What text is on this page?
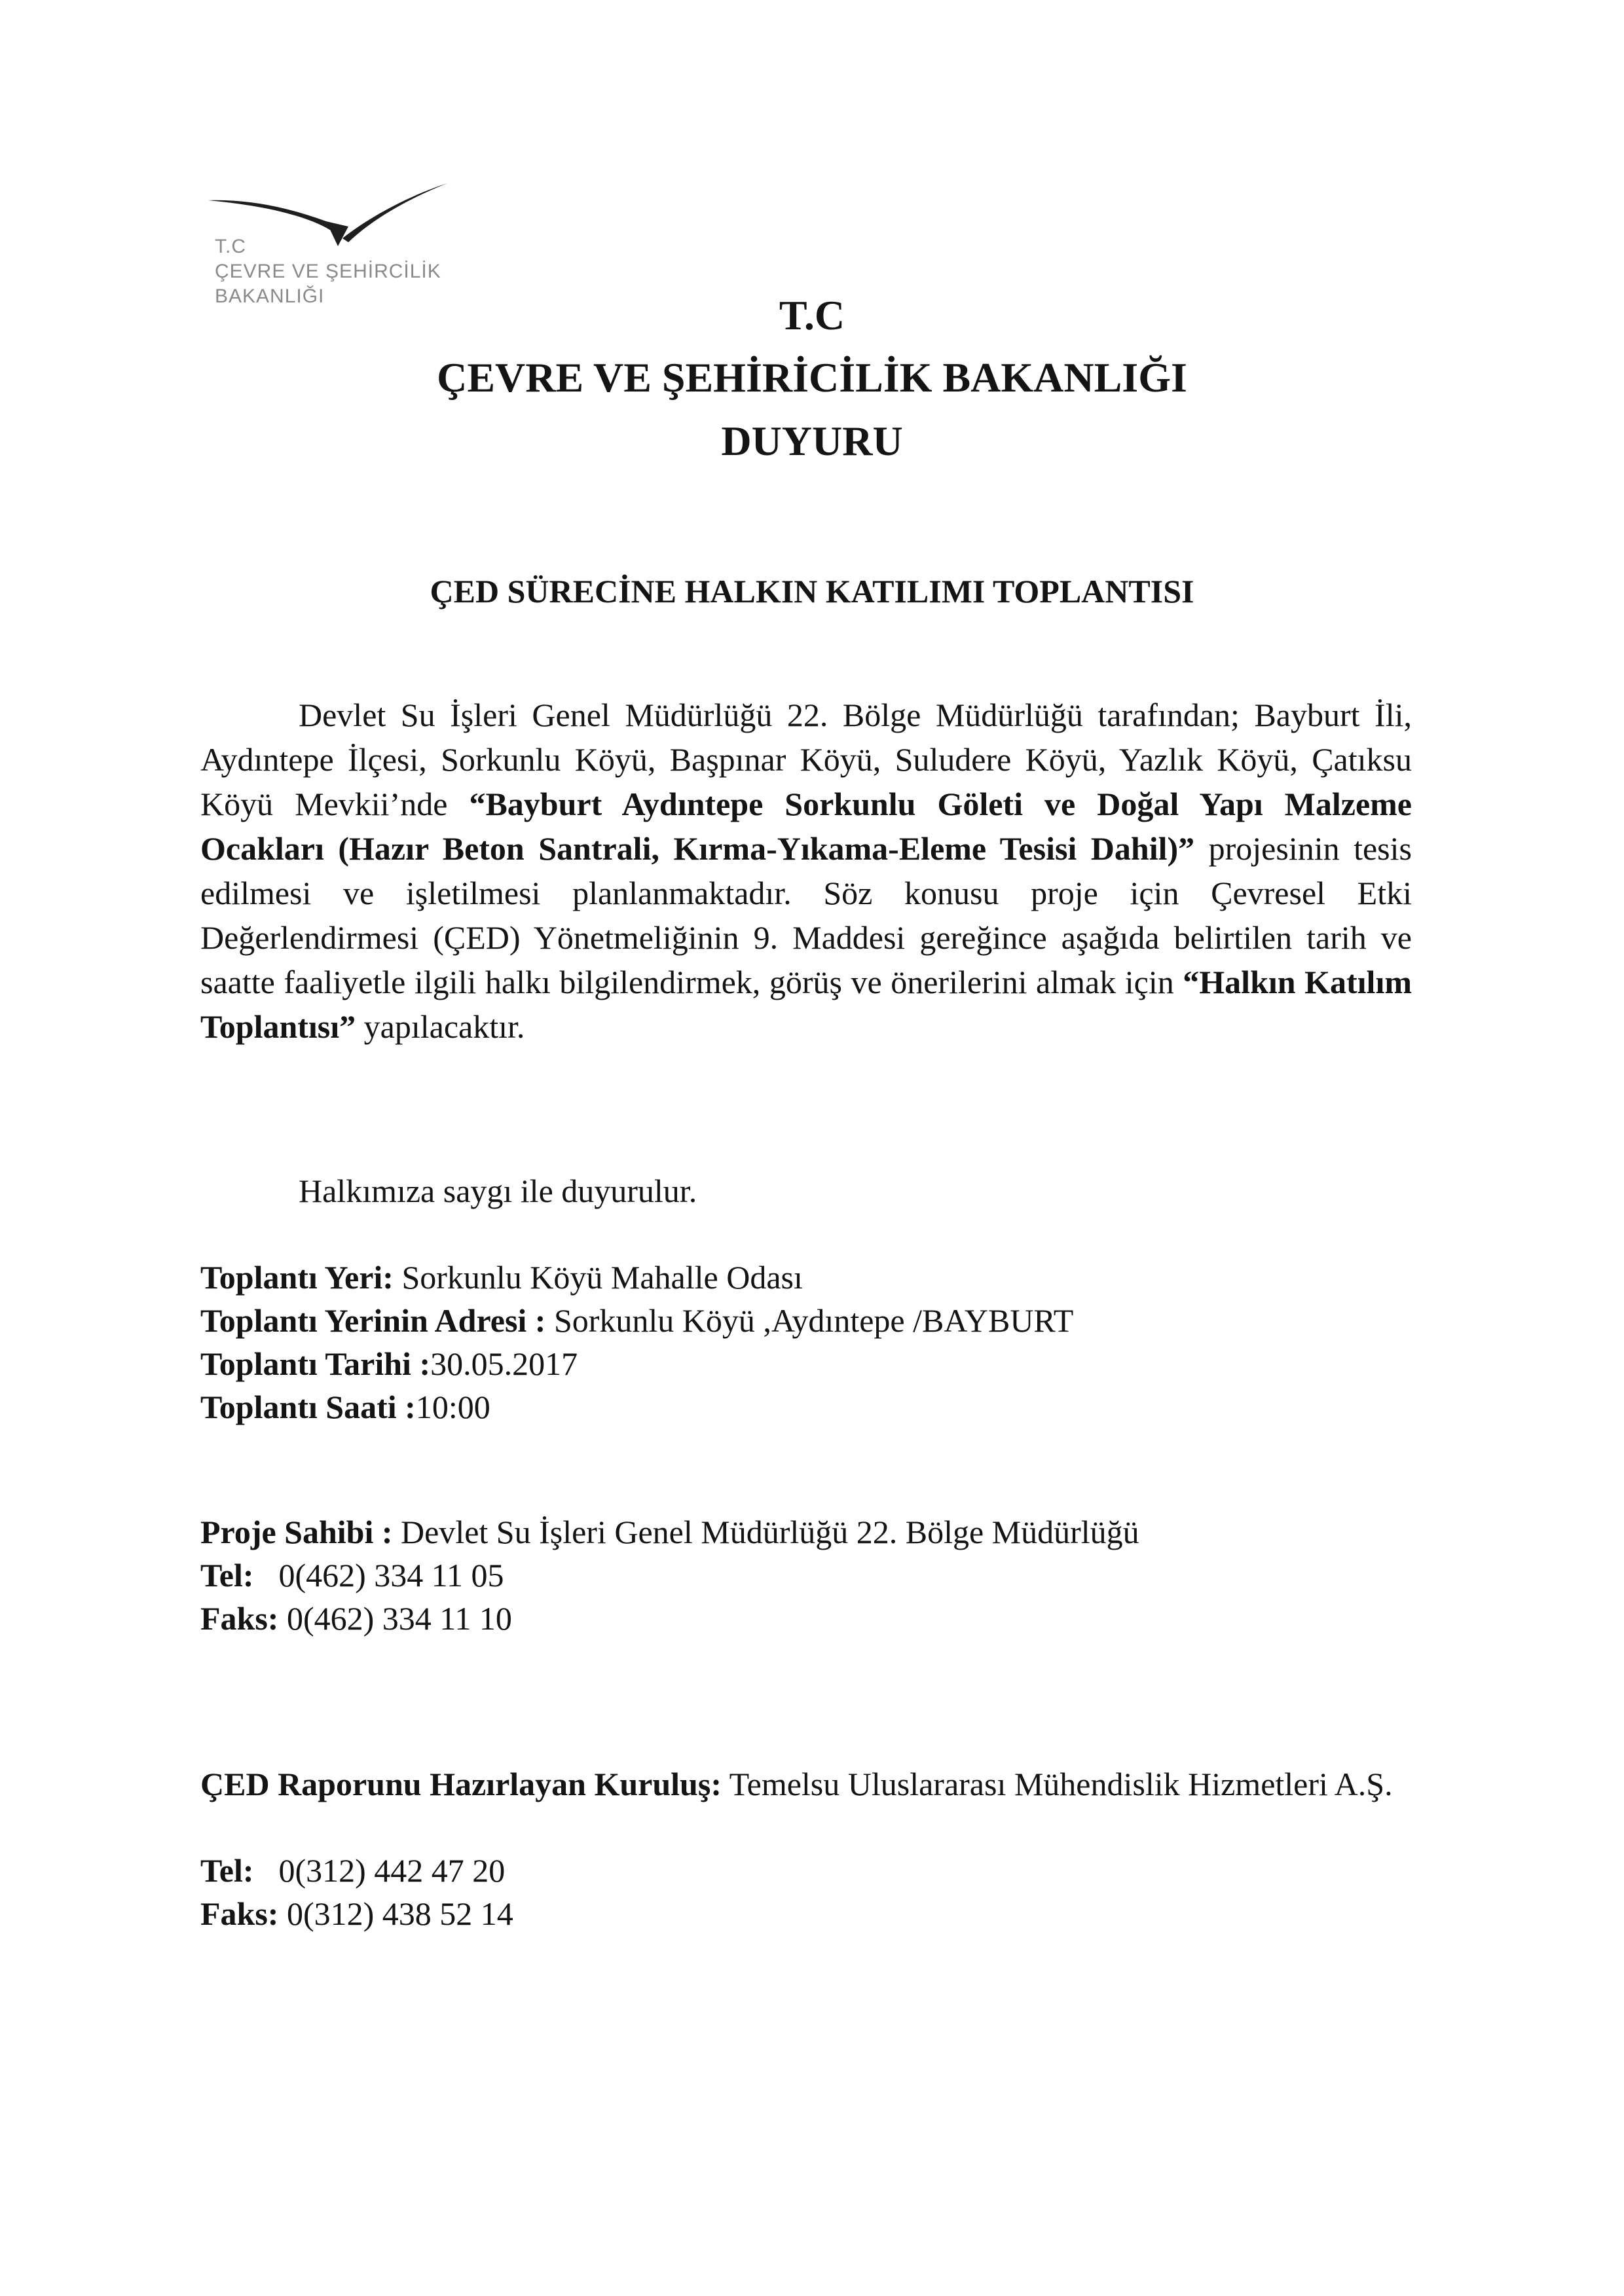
T.C
ÇEVRE VE ŞEHİRCİLİK
BAKANLIĞI	T.C
ÇEVRE VE ŞEHİRİCİLİK BAKANLIĞI
DUYURU
ÇED SÜRECİNE HALKIN KATILIMI TOPLANTISI
Devlet Su İşleri Genel Müdürlüğü 22. Bölge Müdürlüğü tarafından; Bayburt İli, Aydıntepe İlçesi, Sorkunlu Köyü, Başpınar Köyü, Suludere Köyü, Yazlık Köyü, Çatıksu Köyü Mevkii’nde “Bayburt Aydıntepe Sorkunlu Göleti ve Doğal Yapı Malzeme Ocakları (Hazır Beton Santrali, Kırma-Yıkama-Eleme Tesisi Dahil)” projesinin tesis edilmesi ve işletilmesi planlanmaktadır. Söz konusu proje için Çevresel Etki Değerlendirmesi (ÇED) Yönetmeliğinin 9. Maddesi gereğince aşağıda belirtilen tarih ve saatte faaliyetle ilgili halkı bilgilendirmek, görüş ve önerilerini almak için “Halkın Katılım Toplantısı” yapılacaktır.
Halkımıza saygı ile duyurulur.
Toplantı Yeri: Sorkunlu Köyü Mahalle Odası
Toplantı Yerinin Adresi : Sorkunlu Köyü ,Aydıntepe /BAYBURT
Toplantı Tarihi :30.05.2017
Toplantı Saati :10:00
Proje Sahibi : Devlet Su İşleri Genel Müdürlüğü 22. Bölge Müdürlüğü
Tel: 0(462) 334 11 05
Faks: 0(462) 334 11 10
ÇED Raporunu Hazırlayan Kuruluş: Temelsu Uluslararası Mühendislik Hizmetleri A.Ş.
Tel: 0(312) 442 47 20
Faks: 0(312) 438 52 14
